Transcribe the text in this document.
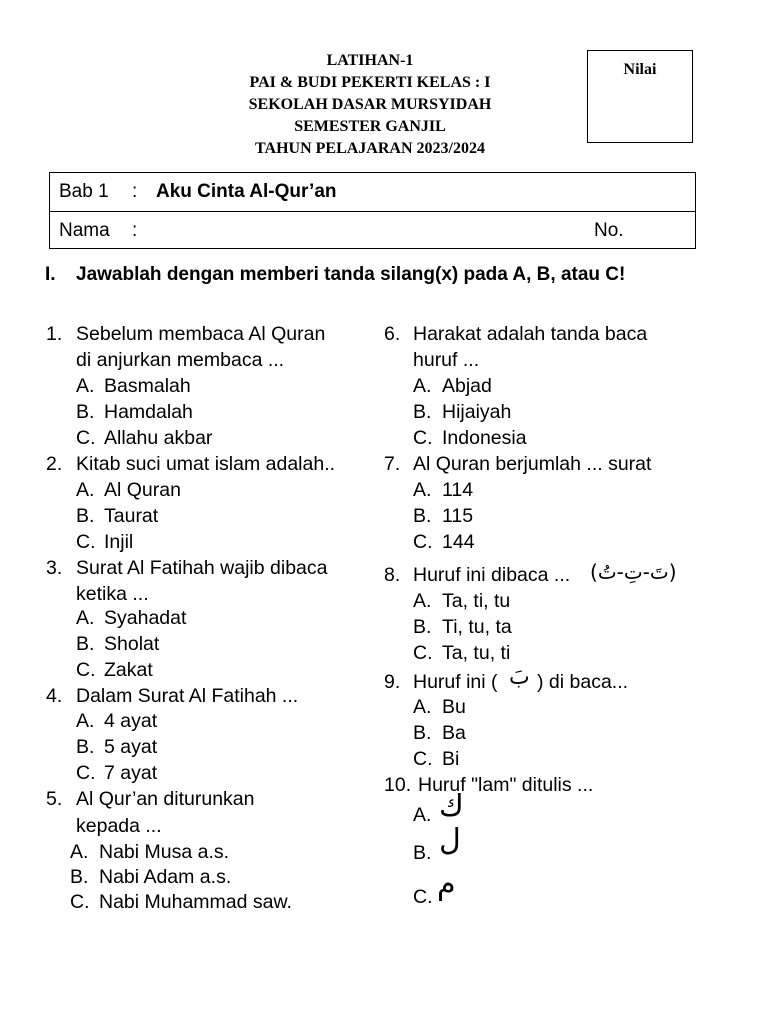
LATIHAN-1
PAI & BUDI PEKERTI KELAS : I
SEKOLAH DASAR MURSYIDAH
SEMESTER GANJIL
TAHUN PELAJARAN 2023/2024
Nilai
Bab 1 : Aku Cinta Al-Qur’an
Nama :	No.
I. Jawablah dengan memberi tanda silang(x) pada A, B, atau C!
1. Sebelum membaca Al Quran
di anjurkan membaca ...
A. Basmalah
B. Hamdalah
C. Allahu akbar
2. Kitab suci umat islam adalah..
A. Al Quran
B. Taurat
C. Injil
3. Surat Al Fatihah wajib dibaca
ketika ...
A. Syahadat
B. Sholat
C. Zakat
4. Dalam Surat Al Fatihah ...
A. 4 ayat
B. 5 ayat
C. 7 ayat
5. Al Qur’an diturunkan
kepada ...
A. Nabi Musa a.s.
B. Nabi Adam a.s.
C. Nabi Muhammad saw.
6. Harakat adalah tanda baca
huruf ...
A. Abjad
B. Hijaiyah
C. Indonesia
7. Al Quran berjumlah ... surat
A. 114
B. 115
C. 144
8. Huruf ini dibaca ... (تَ-تِ-تُ)
A. Ta, ti, tu
B. Ti, tu, ta
C. Ta, tu, ti
9. Huruf ini ( بَ ) di baca...
A. Bu
B. Ba
C. Bi
10. Huruf "lam" ditulis ...
A. ك
B. ل
C. م
